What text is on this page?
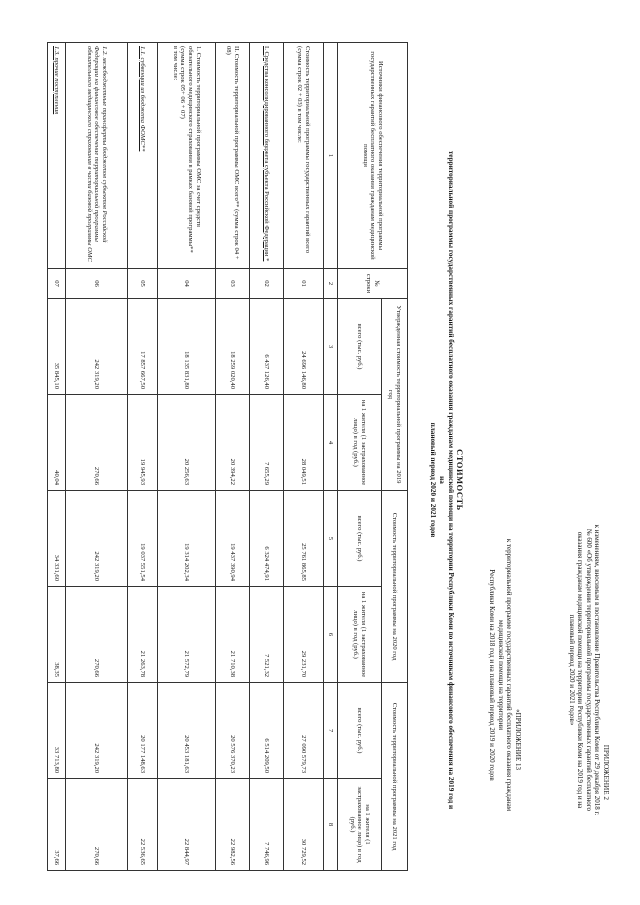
ПРИЛОЖЕНИЕ 2
к изменениям, вносимым в постановление Правительства Республики Коми от 29 декабря 2018 г.
№ 600 «Об утверждении территориальной программы государственных гарантий бесплатного
оказания гражданам медицинской помощи на территории Республики Коми на 2019 год и на
плановый период 2020 и 2021 годов»
«ПРИЛОЖЕНИЕ 13
к территориальной программе государственных гарантий бесплатного оказания гражданам
медицинской помощи на территории
Республики Коми на 2018 год и на плановый период 2019 и 2020 годов
СТОИМОСТЬ
территориальной программы государственных гарантий бесплатного оказания гражданам медицинской помощи на территории Республики Коми по источникам финансового обеспечения на 2019 год и на
плановый период 2020 и 2021 годов
Источники финансового обеспечения территориальной программы государственных гарантий бесплатного оказания гражданам медицинской помощи	№ строки	Утвержденная стоимость территориальной программы на 2019 год		Стоимость территориальной программы на 2020 год		Стоимость территориальной программы на 2021 год	
		всего (тыс. руб.)	на 1 жителя (1 застрахованное лицо) в год (руб.)	всего (тыс. руб.)	на 1 жителя (1 застрахованное лицо) в год (руб.)	всего (тыс. руб.)	на 1 жителя (1 застрахованное лицо) в год (руб.)
1	2	3	4	5	6	7	8
Стоимость территориальной программы государственных гарантий всего (сумма строк 02 + 03) в том числе:	01	24 696 146,80	28 049,51	25 761 865,85	29 231,70	27 090 579,73	30 729,52
I. Средства консолидированного бюджета субъекта Российской Федерации *	02	6 437 126,40	7 655,29	6 324 474,91	7 521,32	6 514 209,50	7 746,96
II. Стоимость территориальной программы ОМС всего** (сумма строк 04 + 08)	03	18 259 020,40	20 394,22	19 437 390,94	21 710,38	20 576 370,23	22 982,56
1. Стоимость территориальной программы ОМС за счет средств обязательного медицинского страхования в рамках базовой программы** (сумма строк 05+ 06 + 07)
в том числе:	04	18 135 831,80	20 256,63	19 314 202,34	21 572,79	20 453 181,63	22 844,97
1.1. субвенции из бюджета ФОМС**	05	17 857 667,50	19 945,93	19 037 551,54	21 263,78	20 177 148,63	22 536,65
1.2. межбюджетные трансферты бюджетов субъектов Российской Федерации на финансовое обеспечение территориальной программы обязательного медицинского страхования в части базовой программы ОМС	06	242 319,20	270,66	242 319,20	270,66	242 319,20	270,66
1.3. прочие поступления	07	35 845,10	40,04	34 331,60	38,35	33 713,80	37,66
